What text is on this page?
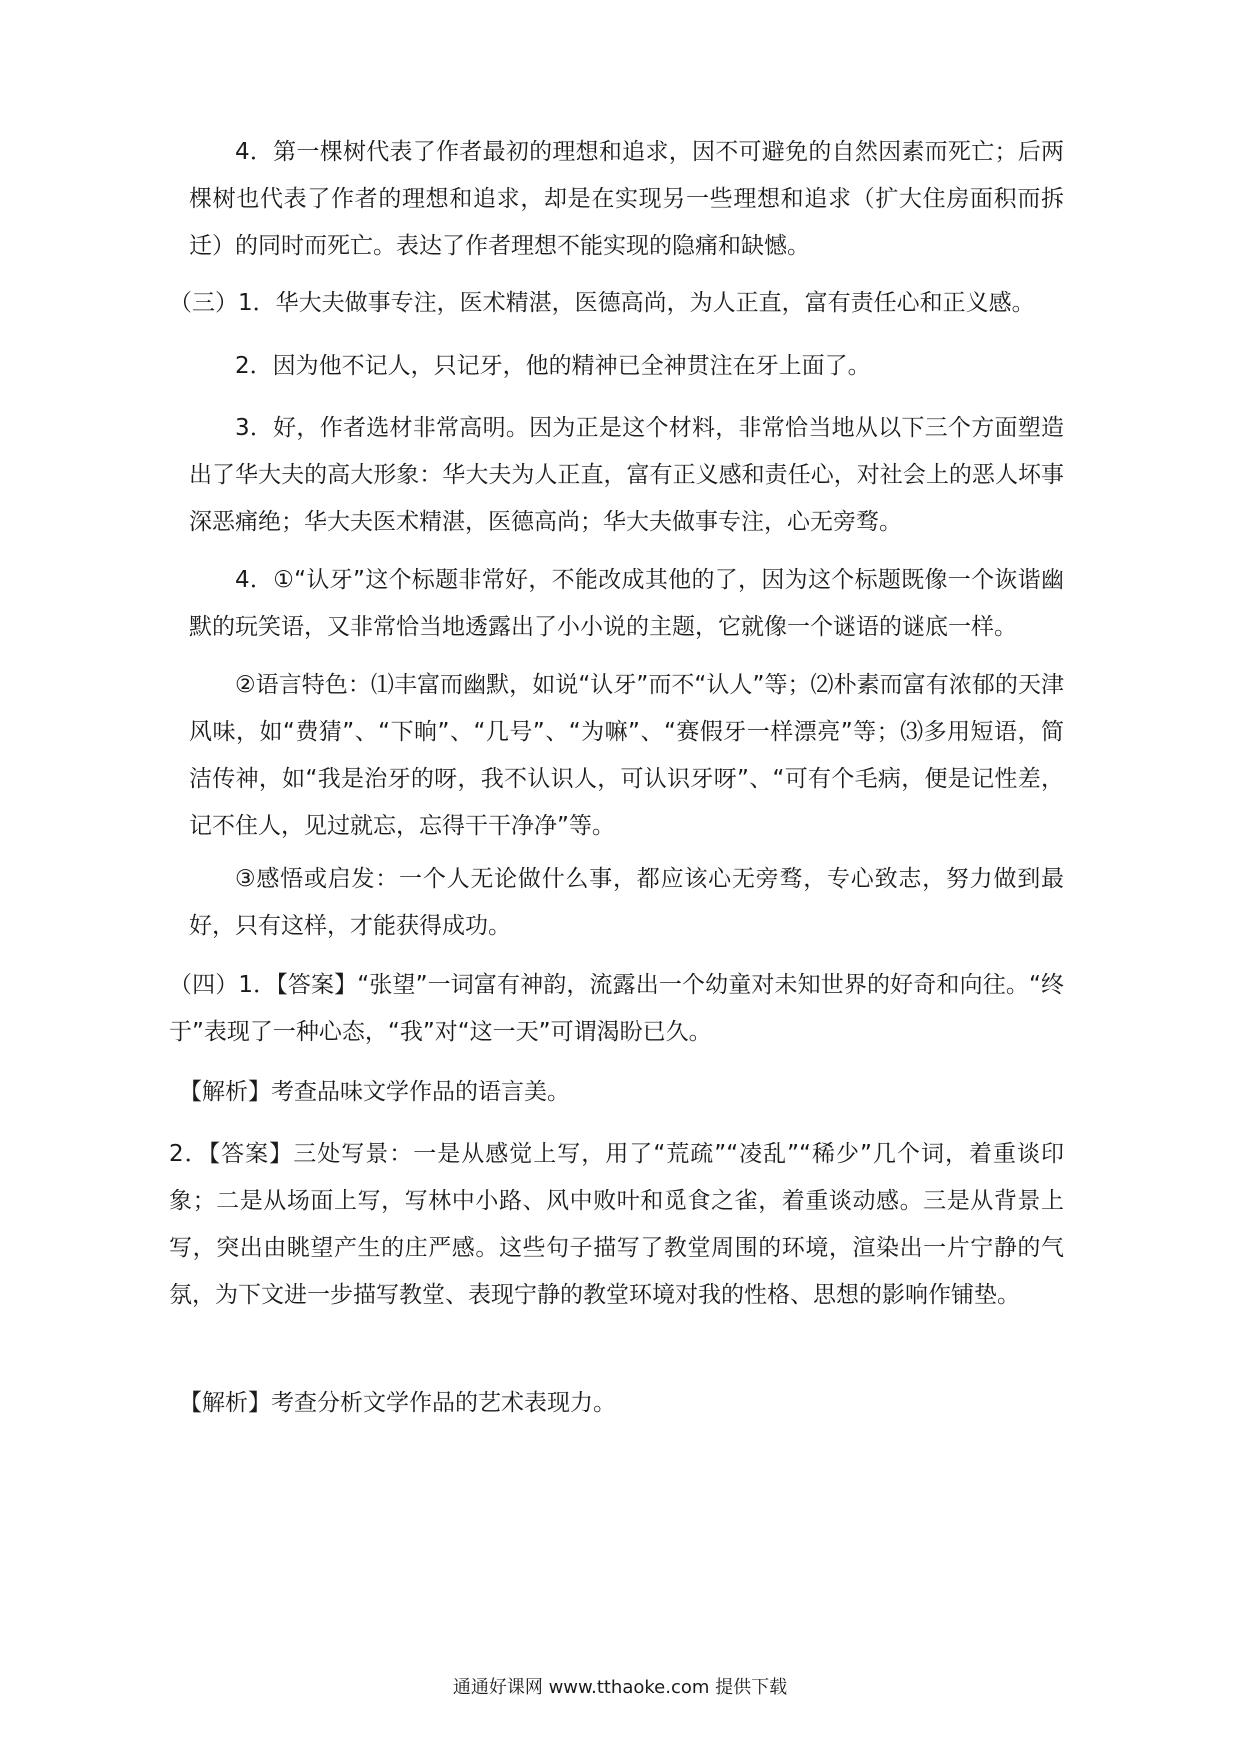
4．第一棵树代表了作者最初的理想和追求，因不可避免的自然因素而死亡；后两棵树也代表了作者的理想和追求，却是在实现另一些理想和追求（扩大住房面积而拆迁）的同时而死亡。表达了作者理想不能实现的隐痛和缺憾。

（三）1．华大夫做事专注，医术精湛，医德高尚，为人正直，富有责任心和正义感。

2．因为他不记人，只记牙，他的精神已全神贯注在牙上面了。

3．好，作者选材非常高明。因为正是这个材料，非常恰当地从以下三个方面塑造出了华大夫的高大形象：华大夫为人正直，富有正义感和责任心，对社会上的恶人坏事深恶痛绝；华大夫医术精湛，医德高尚；华大夫做事专注，心无旁骛。

4．①“认牙”这个标题非常好，不能改成其他的了，因为这个标题既像一个诙谐幽默的玩笑语，又非常恰当地透露出了小小说的主题，它就像一个谜语的谜底一样。

②语言特色：⑴丰富而幽默，如说“认牙”而不“认人”等；⑵朴素而富有浓郁的天津风味，如“费猜”、“下晌”、“几号”、“为嘛”、“赛假牙一样漂亮”等；⑶多用短语，简洁传神，如“我是治牙的呀，我不认识人，可认识牙呀”、“可有个毛病，便是记性差，记不住人，见过就忘，忘得干干净净”等。

③感悟或启发：一个人无论做什么事，都应该心无旁骛，专心致志，努力做到最好，只有这样，才能获得成功。

（四）1．【答案】“张望”一词富有神韵，流露出一个幼童对未知世界的好奇和向往。“终于”表现了一种心态，“我”对“这一天”可谓渴盼已久。

【解析】考查品味文学作品的语言美。

2．【答案】三处写景：一是从感觉上写，用了“荒疏”“凌乱”“稀少”几个词，着重谈印象；二是从场面上写，写林中小路、风中败叶和觅食之雀，着重谈动感。三是从背景上写，突出由眺望产生的庄严感。这些句子描写了教堂周围的环境，渲染出一片宁静的气氛，为下文进一步描写教堂、表现宁静的教堂环境对我的性格、思想的影响作铺垫。

【解析】考查分析文学作品的艺术表现力。

通通好课网 www.tthaoke.com 提供下载
